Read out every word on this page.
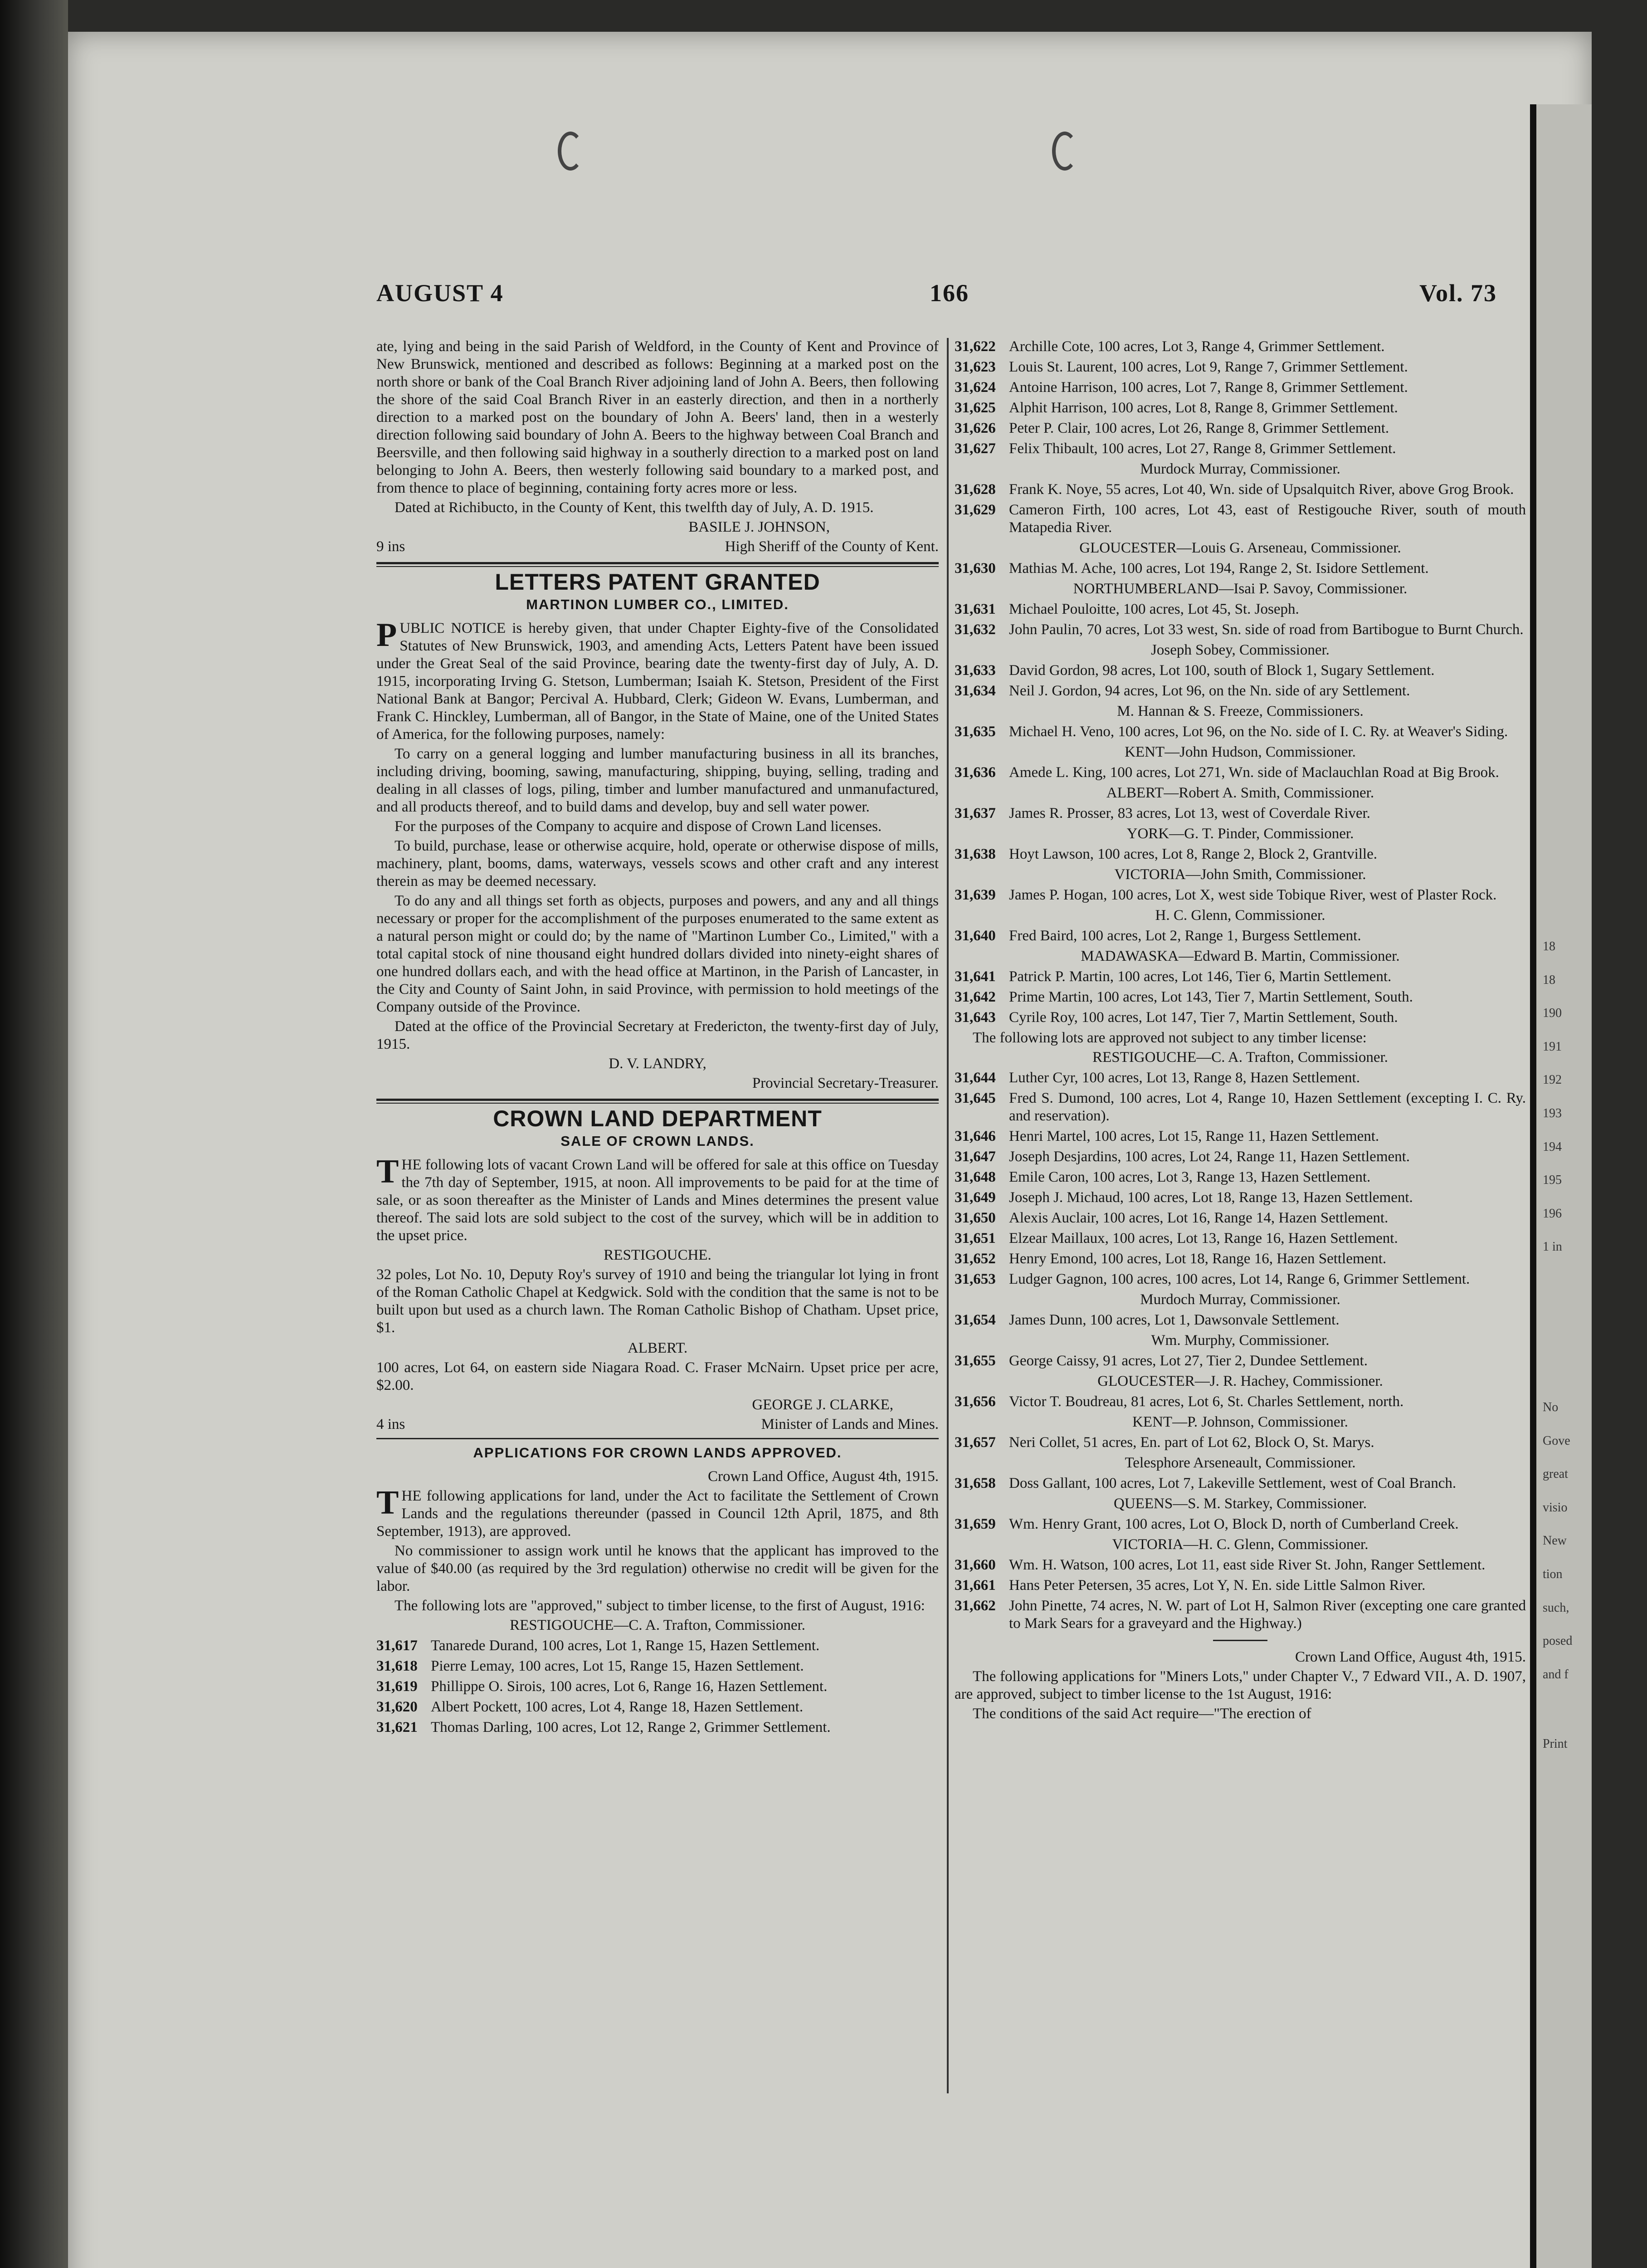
18
18
190
191
192
193
194
195
196
1 in
No
Gove
great
visio
New
tion
such,
posed
and f
Print
AUGUST 4	166	Vol. 73

ate, lying and being in the said Parish of Weldford, in the County of Kent and Province of New Brunswick, mentioned and described as follows: Beginning at a marked post on the north shore or bank of the Coal Branch River adjoining land of John A. Beers, then following the shore of the said Coal Branch River in an easterly direction, and then in a northerly direction to a marked post on the boundary of John A. Beers' land, then in a westerly direction following said boundary of John A. Beers to the highway between Coal Branch and Beersville, and then following said highway in a southerly direction to a marked post on land belonging to John A. Beers, then westerly following said boundary to a marked post, and from thence to place of beginning, containing forty acres more or less.

Dated at Richibucto, in the County of Kent, this twelfth day of July, A. D. 1915.

BASILE J. JOHNSON,

9 ins	High Sheriff of the County of Kent.
LETTERS PATENT GRANTED
MARTINON LUMBER CO., LIMITED.

PUBLIC NOTICE is hereby given, that under Chapter Eighty-five of the Consolidated Statutes of New Brunswick, 1903, and amending Acts, Letters Patent have been issued under the Great Seal of the said Province, bearing date the twenty-first day of July, A. D. 1915, incorporating Irving G. Stetson, Lumberman; Isaiah K. Stetson, President of the First National Bank at Bangor; Percival A. Hubbard, Clerk; Gideon W. Evans, Lumberman, and Frank C. Hinckley, Lumberman, all of Bangor, in the State of Maine, one of the United States of America, for the following purposes, namely:

To carry on a general logging and lumber manufacturing business in all its branches, including driving, booming, sawing, manufacturing, shipping, buying, selling, trading and dealing in all classes of logs, piling, timber and lumber manufactured and unmanufactured, and all products thereof, and to build dams and develop, buy and sell water power.

For the purposes of the Company to acquire and dispose of Crown Land licenses.

To build, purchase, lease or otherwise acquire, hold, operate or otherwise dispose of mills, machinery, plant, booms, dams, waterways, vessels scows and other craft and any interest therein as may be deemed necessary.

To do any and all things set forth as objects, purposes and powers, and any and all things necessary or proper for the accomplishment of the purposes enumerated to the same extent as a natural person might or could do; by the name of "Martinon Lumber Co., Limited," with a total capital stock of nine thousand eight hundred dollars divided into ninety-eight shares of one hundred dollars each, and with the head office at Martinon, in the Parish of Lancaster, in the City and County of Saint John, in said Province, with permission to hold meetings of the Company outside of the Province.

Dated at the office of the Provincial Secretary at Fredericton, the twenty-first day of July, 1915.

D. V. LANDRY,

Provincial Secretary-Treasurer.

CROWN LAND DEPARTMENT
SALE OF CROWN LANDS.

THE following lots of vacant Crown Land will be offered for sale at this office on Tuesday the 7th day of September, 1915, at noon. All improvements to be paid for at the time of sale, or as soon thereafter as the Minister of Lands and Mines determines the present value thereof. The said lots are sold subject to the cost of the survey, which will be in addition to the upset price.

RESTIGOUCHE.

32 poles, Lot No. 10, Deputy Roy's survey of 1910 and being the triangular lot lying in front of the Roman Catholic Chapel at Kedgwick. Sold with the condition that the same is not to be built upon but used as a church lawn. The Roman Catholic Bishop of Chatham. Upset price, $1.

ALBERT.

100 acres, Lot 64, on eastern side Niagara Road. C. Fraser McNairn. Upset price per acre, $2.00.

GEORGE J. CLARKE,

4 ins	Minister of Lands and Mines.
APPLICATIONS FOR CROWN LANDS APPROVED.

Crown Land Office, August 4th, 1915.

THE following applications for land, under the Act to facilitate the Settlement of Crown Lands and the regulations thereunder (passed in Council 12th April, 1875, and 8th September, 1913), are approved.

No commissioner to assign work until he knows that the applicant has improved to the value of $40.00 (as required by the 3rd regulation) otherwise no credit will be given for the labor.

The following lots are "approved," subject to timber license, to the first of August, 1916:

RESTIGOUCHE—C. A. Trafton, Commissioner.

31,617 Tanarede Durand, 100 acres, Lot 1, Range 15, Hazen Settlement.

31,618 Pierre Lemay, 100 acres, Lot 15, Range 15, Hazen Settlement.

31,619 Phillippe O. Sirois, 100 acres, Lot 6, Range 16, Hazen Settlement.

31,620 Albert Pockett, 100 acres, Lot 4, Range 18, Hazen Settlement.

31,621 Thomas Darling, 100 acres, Lot 12, Range 2, Grimmer Settlement.

31,622 Archille Cote, 100 acres, Lot 3, Range 4, Grimmer Settlement.

31,623 Louis St. Laurent, 100 acres, Lot 9, Range 7, Grimmer Settlement.

31,624 Antoine Harrison, 100 acres, Lot 7, Range 8, Grimmer Settlement.

31,625 Alphit Harrison, 100 acres, Lot 8, Range 8, Grimmer Settlement.

31,626 Peter P. Clair, 100 acres, Lot 26, Range 8, Grimmer Settlement.

31,627 Felix Thibault, 100 acres, Lot 27, Range 8, Grimmer Settlement.

Murdock Murray, Commissioner.

31,628 Frank K. Noye, 55 acres, Lot 40, Wn. side of Upsalquitch River, above Grog Brook.

31,629 Cameron Firth, 100 acres, Lot 43, east of Restigouche River, south of mouth Matapedia River.

GLOUCESTER—Louis G. Arseneau, Commissioner.

31,630 Mathias M. Ache, 100 acres, Lot 194, Range 2, St. Isidore Settlement.

NORTHUMBERLAND—Isai P. Savoy, Commissioner.

31,631 Michael Pouloitte, 100 acres, Lot 45, St. Joseph.

31,632 John Paulin, 70 acres, Lot 33 west, Sn. side of road from Bartibogue to Burnt Church.

Joseph Sobey, Commissioner.

31,633 David Gordon, 98 acres, Lot 100, south of Block 1, Sugary Settlement.

31,634 Neil J. Gordon, 94 acres, Lot 96, on the Nn. side of ary Settlement.

M. Hannan & S. Freeze, Commissioners.

31,635 Michael H. Veno, 100 acres, Lot 96, on the No. side of I. C. Ry. at Weaver's Siding.

KENT—John Hudson, Commissioner.

31,636 Amede L. King, 100 acres, Lot 271, Wn. side of Maclauchlan Road at Big Brook.

ALBERT—Robert A. Smith, Commissioner.

31,637 James R. Prosser, 83 acres, Lot 13, west of Coverdale River.

YORK—G. T. Pinder, Commissioner.

31,638 Hoyt Lawson, 100 acres, Lot 8, Range 2, Block 2, Grantville.

VICTORIA—John Smith, Commissioner.

31,639 James P. Hogan, 100 acres, Lot X, west side Tobique River, west of Plaster Rock.

H. C. Glenn, Commissioner.

31,640 Fred Baird, 100 acres, Lot 2, Range 1, Burgess Settlement.

MADAWASKA—Edward B. Martin, Commissioner.

31,641 Patrick P. Martin, 100 acres, Lot 146, Tier 6, Martin Settlement.

31,642 Prime Martin, 100 acres, Lot 143, Tier 7, Martin Settlement, South.

31,643 Cyrile Roy, 100 acres, Lot 147, Tier 7, Martin Settlement, South.

The following lots are approved not subject to any timber license:

RESTIGOUCHE—C. A. Trafton, Commissioner.

31,644 Luther Cyr, 100 acres, Lot 13, Range 8, Hazen Settlement.

31,645 Fred S. Dumond, 100 acres, Lot 4, Range 10, Hazen Settlement (excepting I. C. Ry. and reservation).

31,646 Henri Martel, 100 acres, Lot 15, Range 11, Hazen Settlement.

31,647 Joseph Desjardins, 100 acres, Lot 24, Range 11, Hazen Settlement.

31,648 Emile Caron, 100 acres, Lot 3, Range 13, Hazen Settlement.

31,649 Joseph J. Michaud, 100 acres, Lot 18, Range 13, Hazen Settlement.

31,650 Alexis Auclair, 100 acres, Lot 16, Range 14, Hazen Settlement.

31,651 Elzear Maillaux, 100 acres, Lot 13, Range 16, Hazen Settlement.

31,652 Henry Emond, 100 acres, Lot 18, Range 16, Hazen Settlement.

31,653 Ludger Gagnon, 100 acres, 100 acres, Lot 14, Range 6, Grimmer Settlement.

Murdoch Murray, Commissioner.

31,654 James Dunn, 100 acres, Lot 1, Dawsonvale Settlement.

Wm. Murphy, Commissioner.

31,655 George Caissy, 91 acres, Lot 27, Tier 2, Dundee Settlement.

GLOUCESTER—J. R. Hachey, Commissioner.

31,656 Victor T. Boudreau, 81 acres, Lot 6, St. Charles Settlement, north.

KENT—P. Johnson, Commissioner.

31,657 Neri Collet, 51 acres, En. part of Lot 62, Block O, St. Marys.

Telesphore Arseneault, Commissioner.

31,658 Doss Gallant, 100 acres, Lot 7, Lakeville Settlement, west of Coal Branch.

QUEENS—S. M. Starkey, Commissioner.

31,659 Wm. Henry Grant, 100 acres, Lot O, Block D, north of Cumberland Creek.

VICTORIA—H. C. Glenn, Commissioner.

31,660 Wm. H. Watson, 100 acres, Lot 11, east side River St. John, Ranger Settlement.

31,661 Hans Peter Petersen, 35 acres, Lot Y, N. En. side Little Salmon River.

31,662 John Pinette, 74 acres, N. W. part of Lot H, Salmon River (excepting one care granted to Mark Sears for a graveyard and the Highway.)

Crown Land Office, August 4th, 1915.

The following applications for "Miners Lots," under Chapter V., 7 Edward VII., A. D. 1907, are approved, subject to timber license to the 1st August, 1916:

The conditions of the said Act require—"The erection of
